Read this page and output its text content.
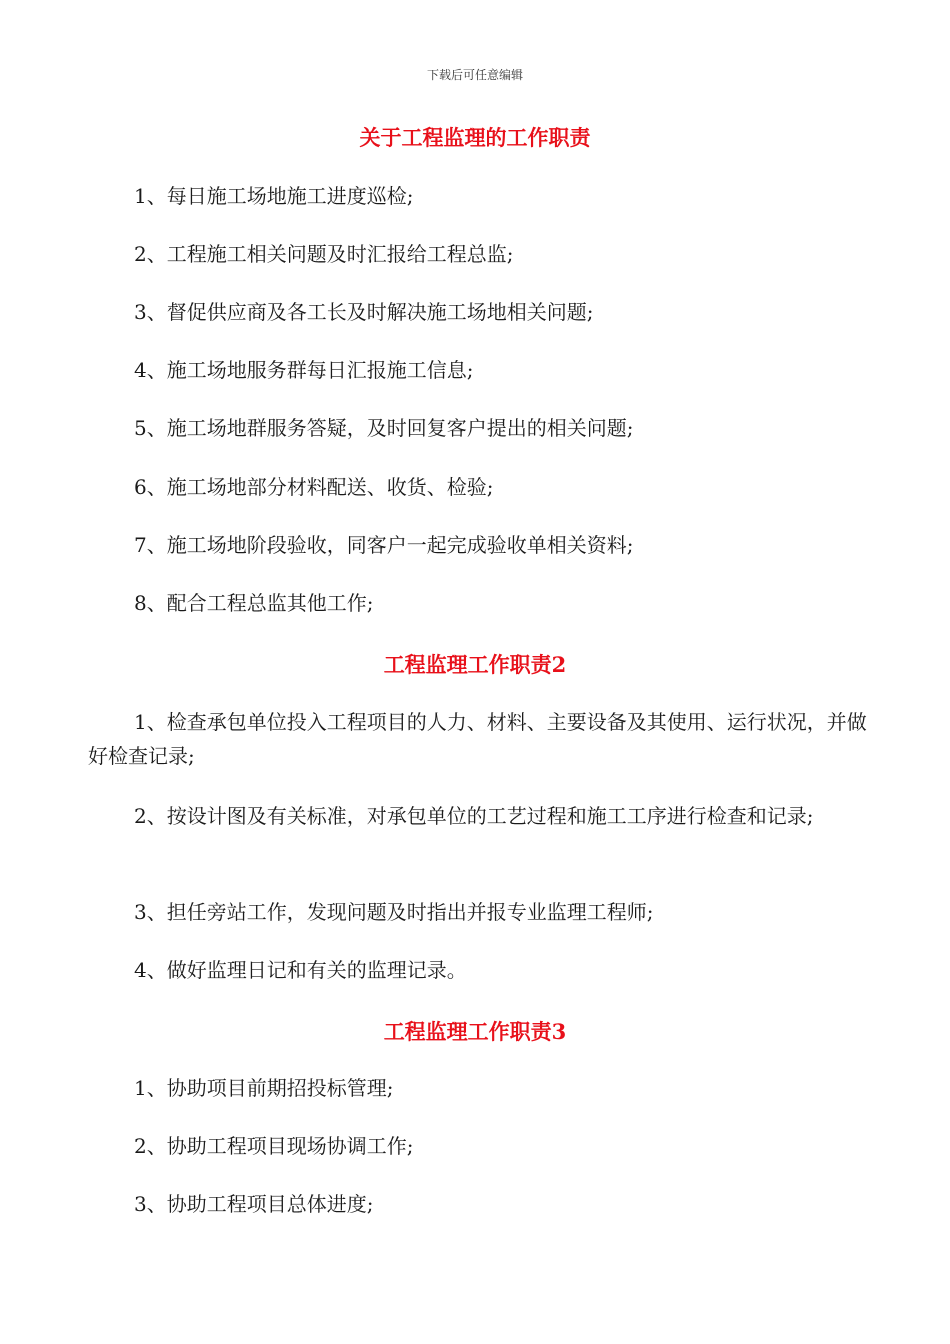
下载后可任意编辑
关于工程监理的工作职责

1、每日施工场地施工进度巡检;

2、工程施工相关问题及时汇报给工程总监;

3、督促供应商及各工长及时解决施工场地相关问题;

4、施工场地服务群每日汇报施工信息;

5、施工场地群服务答疑，及时回复客户提出的相关问题;

6、施工场地部分材料配送、收货、检验;

7、施工场地阶段验收，同客户一起完成验收单相关资料;

8、配合工程总监其他工作;

工程监理工作职责2

1、检查承包单位投入工程项目的人力、材料、主要设备及其使用、运行状况，并做好检查记录;

2、按设计图及有关标准，对承包单位的工艺过程和施工工序进行检查和记录;

3、担任旁站工作，发现问题及时指出并报专业监理工程师;

4、做好监理日记和有关的监理记录。

工程监理工作职责3

1、协助项目前期招投标管理;

2、协助工程项目现场协调工作;

3、协助工程项目总体进度;
